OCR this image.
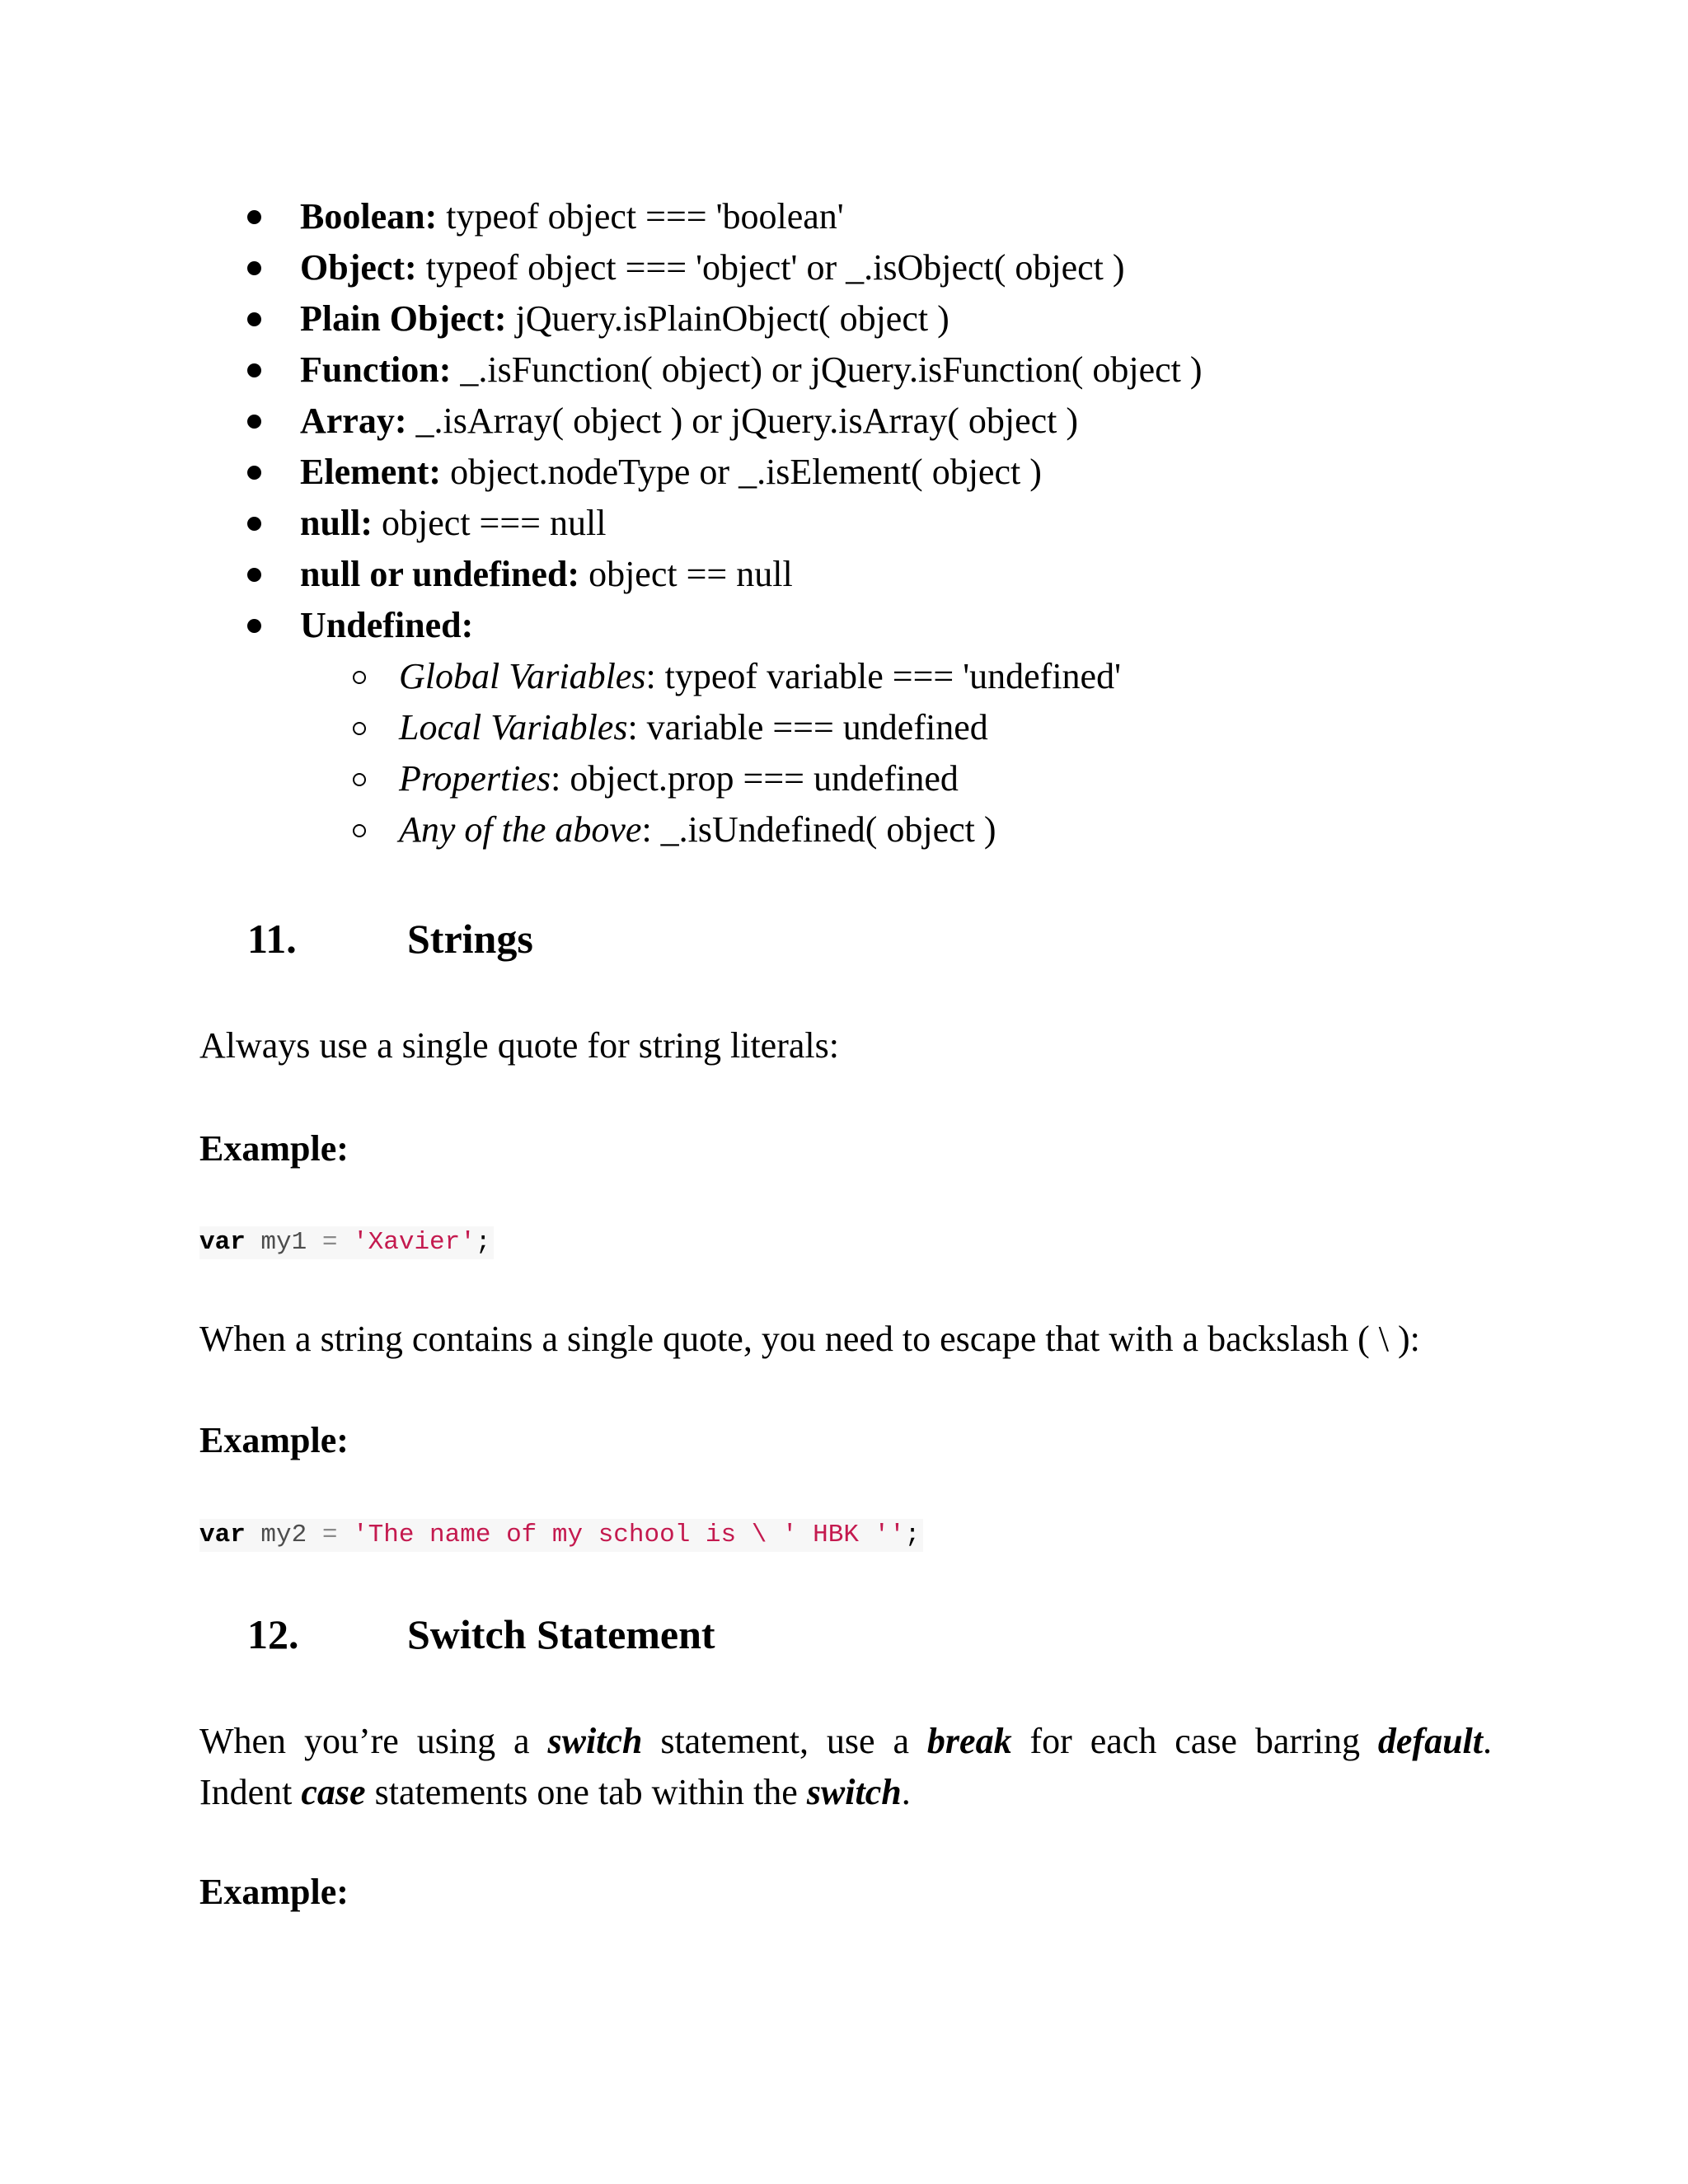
Boolean: typeof object === 'boolean'
Object: typeof object === 'object' or _.isObject( object )
Plain Object: jQuery.isPlainObject( object )
Function: _.isFunction( object) or jQuery.isFunction( object )
Array: _.isArray( object ) or jQuery.isArray( object )
Element: object.nodeType or _.isElement( object )
null: object === null
null or undefined: object == null
Undefined:
Global Variables: typeof variable === 'undefined'
Local Variables: variable === undefined
Properties: object.prop === undefined
Any of the above: _.isUndefined( object )
11.	Strings
Always use a single quote for string literals:
Example:
var my1 = 'Xavier';
When a string contains a single quote, you need to escape that with a backslash ( \ ):
Example:
var my2 = 'The name of my school is \ ' HBK '';
12.	Switch Statement
When you’re using a switch statement, use a break for each case barring default.
Indent case statements one tab within the switch.
Example:
